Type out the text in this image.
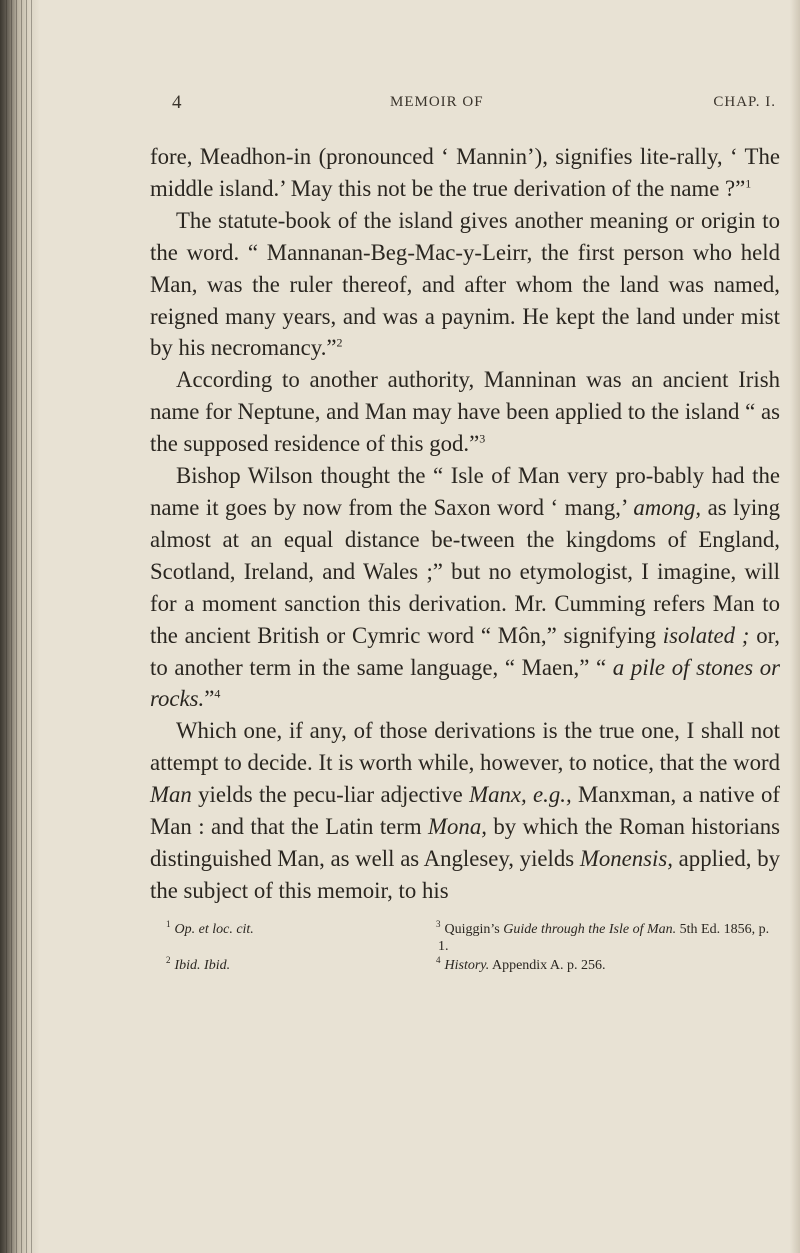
4	MEMOIR OF	CHAP. I.

fore, Meadhon-in (pronounced ‘ Mannin’), signifies lite-rally, ‘ The middle island.’ May this not be the true derivation of the name ?”$^1$

The statute-book of the island gives another meaning or origin to the word. “ Mannanan-Beg-Mac-y-Leirr, the first person who held Man, was the ruler thereof, and after whom the land was named, reigned many years, and was a paynim. He kept the land under mist by his necromancy.”$^2$

According to another authority, Manninan was an ancient Irish name for Neptune, and Man may have been applied to the island “ as the supposed residence of this god.”$^3$

Bishop Wilson thought the “ Isle of Man very pro-bably had the name it goes by now from the Saxon word ‘ mang,’ among, as lying almost at an equal distance be-tween the kingdoms of England, Scotland, Ireland, and Wales ;” but no etymologist, I imagine, will for a moment sanction this derivation. Mr. Cumming refers Man to the ancient British or Cymric word “ Môn,” signifying isolated ; or, to another term in the same language, “ Maen,” “ a pile of stones or rocks.”$^4$

Which one, if any, of those derivations is the true one, I shall not attempt to decide. It is worth while, however, to notice, that the word Man yields the pecu-liar adjective Manx, e.g., Manxman, a native of Man : and that the Latin term Mona, by which the Roman historians distinguished Man, as well as Anglesey, yields Monensis, applied, by the subject of this memoir, to his

$^1$ Op. et loc. cit.	$^3$ Quiggin’s Guide through the Isle of Man. 5th Ed. 1856, p. 1.
$^2$ Ibid. Ibid.	$^4$ History. Appendix A. p. 256.
